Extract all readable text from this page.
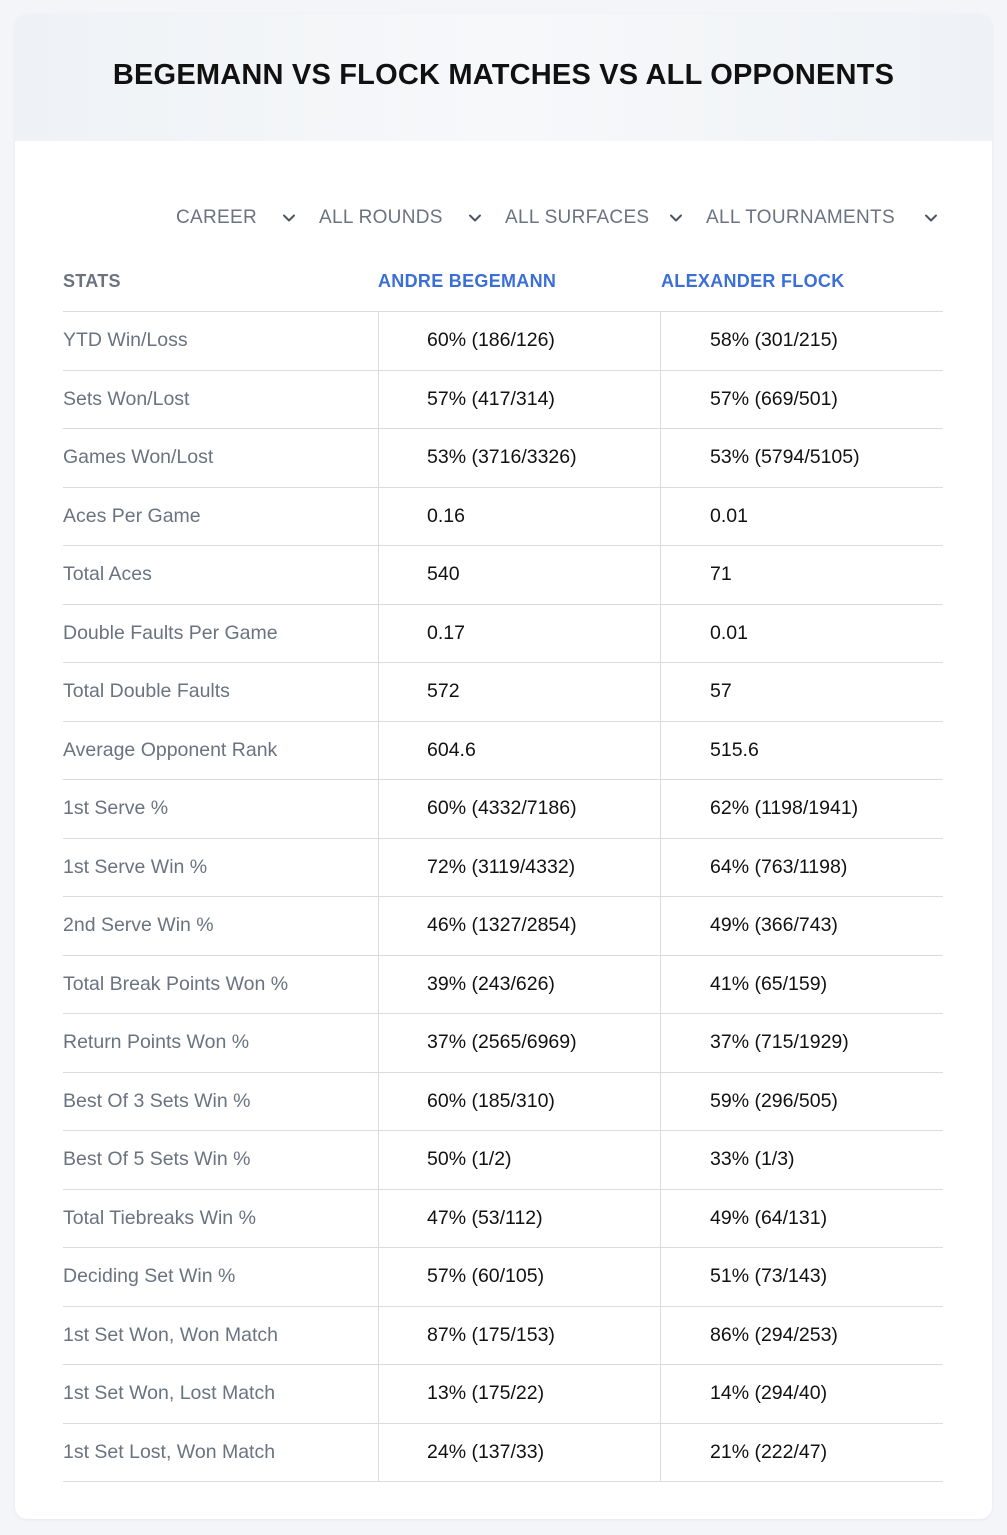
BEGEMANN VS FLOCK MATCHES VS ALL OPPONENTS
CAREER	ALL ROUNDS	ALL SURFACES	ALL TOURNAMENTS
STATS	ANDRE BEGEMANN	ALEXANDER FLOCK
YTD Win/Loss	60% (186/126)	58% (301/215)
Sets Won/Lost	57% (417/314)	57% (669/501)
Games Won/Lost	53% (3716/3326)	53% (5794/5105)
Aces Per Game	0.16	0.01
Total Aces	540	71
Double Faults Per Game	0.17	0.01
Total Double Faults	572	57
Average Opponent Rank	604.6	515.6
1st Serve %	60% (4332/7186)	62% (1198/1941)
1st Serve Win %	72% (3119/4332)	64% (763/1198)
2nd Serve Win %	46% (1327/2854)	49% (366/743)
Total Break Points Won %	39% (243/626)	41% (65/159)
Return Points Won %	37% (2565/6969)	37% (715/1929)
Best Of 3 Sets Win %	60% (185/310)	59% (296/505)
Best Of 5 Sets Win %	50% (1/2)	33% (1/3)
Total Tiebreaks Win %	47% (53/112)	49% (64/131)
Deciding Set Win %	57% (60/105)	51% (73/143)
1st Set Won, Won Match	87% (175/153)	86% (294/253)
1st Set Won, Lost Match	13% (175/22)	14% (294/40)
1st Set Lost, Won Match	24% (137/33)	21% (222/47)
